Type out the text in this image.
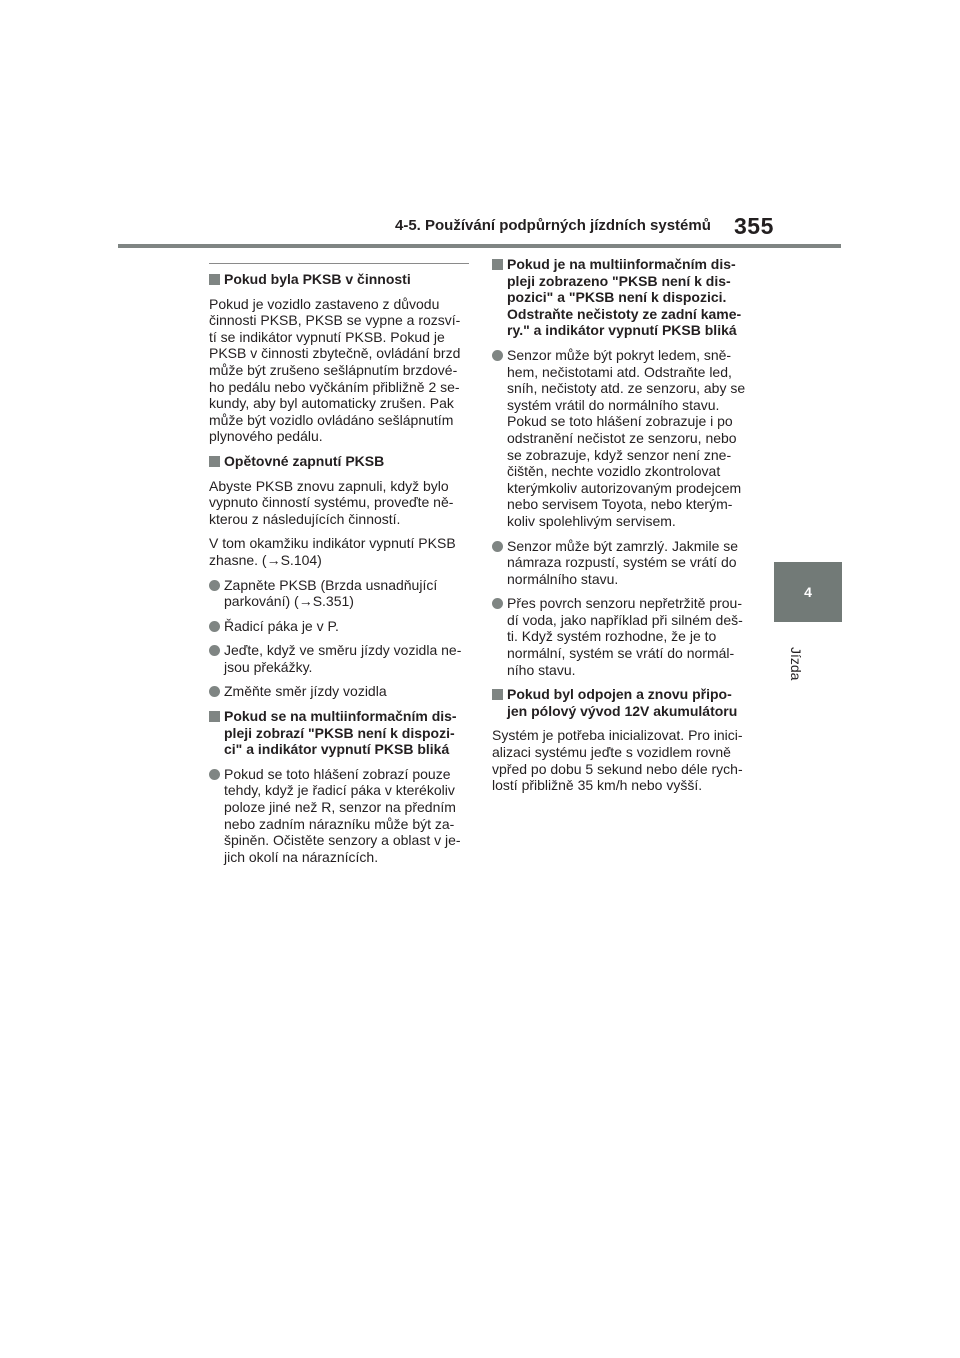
4-5. Používání podpůrných jízdních systémů 355
4
Jízda
Pokud byla PKSB v činnosti
Pokud je vozidlo zastaveno z důvodu
činnosti PKSB, PKSB se vypne a rozsví-
tí se indikátor vypnutí PKSB. Pokud je
PKSB v činnosti zbytečně, ovládání brzd
může být zrušeno sešlápnutím brzdové-
ho pedálu nebo vyčkáním přibližně 2 se-
kundy, aby byl automaticky zrušen. Pak
může být vozidlo ovládáno sešlápnutím
plynového pedálu.
Opětovné zapnutí PKSB
Abyste PKSB znovu zapnuli, když bylo
vypnuto činností systému, proveďte ně-
kterou z následujících činností.
V tom okamžiku indikátor vypnutí PKSB
zhasne. (→S.104)
Zapněte PKSB (Brzda usnadňující
parkování) (→S.351)
Řadicí páka je v P.
Jeďte, když ve směru jízdy vozidla ne-
jsou překážky.
Změňte směr jízdy vozidla
Pokud se na multiinformačním dis-
pleji zobrazí "PKSB není k dispozi-
ci" a indikátor vypnutí PKSB bliká
Pokud se toto hlášení zobrazí pouze
tehdy, když je řadicí páka v kterékoliv
poloze jiné než R, senzor na předním
nebo zadním nárazníku může být za-
špiněn. Očistěte senzory a oblast v je-
jich okolí na náraznících.
Pokud je na multiinformačním dis-
pleji zobrazeno "PKSB není k dis-
pozici" a "PKSB není k dispozici.
Odstraňte nečistoty ze zadní kame-
ry." a indikátor vypnutí PKSB bliká
Senzor může být pokryt ledem, sně-
hem, nečistotami atd. Odstraňte led,
sníh, nečistoty atd. ze senzoru, aby se
systém vrátil do normálního stavu.
Pokud se toto hlášení zobrazuje i po
odstranění nečistot ze senzoru, nebo
se zobrazuje, když senzor není zne-
čištěn, nechte vozidlo zkontrolovat
kterýmkoliv autorizovaným prodejcem
nebo servisem Toyota, nebo kterým-
koliv spolehlivým servisem.
Senzor může být zamrzlý. Jakmile se
námraza rozpustí, systém se vrátí do
normálního stavu.
Přes povrch senzoru nepřetržitě prou-
dí voda, jako například při silném deš-
ti. Když systém rozhodne, že je to
normální, systém se vrátí do normál-
ního stavu.
Pokud byl odpojen a znovu připo-
jen pólový vývod 12V akumulátoru
Systém je potřeba inicializovat. Pro inici-
alizaci systému jeďte s vozidlem rovně
vpřed po dobu 5 sekund nebo déle rych-
lostí přibližně 35 km/h nebo vyšší.
